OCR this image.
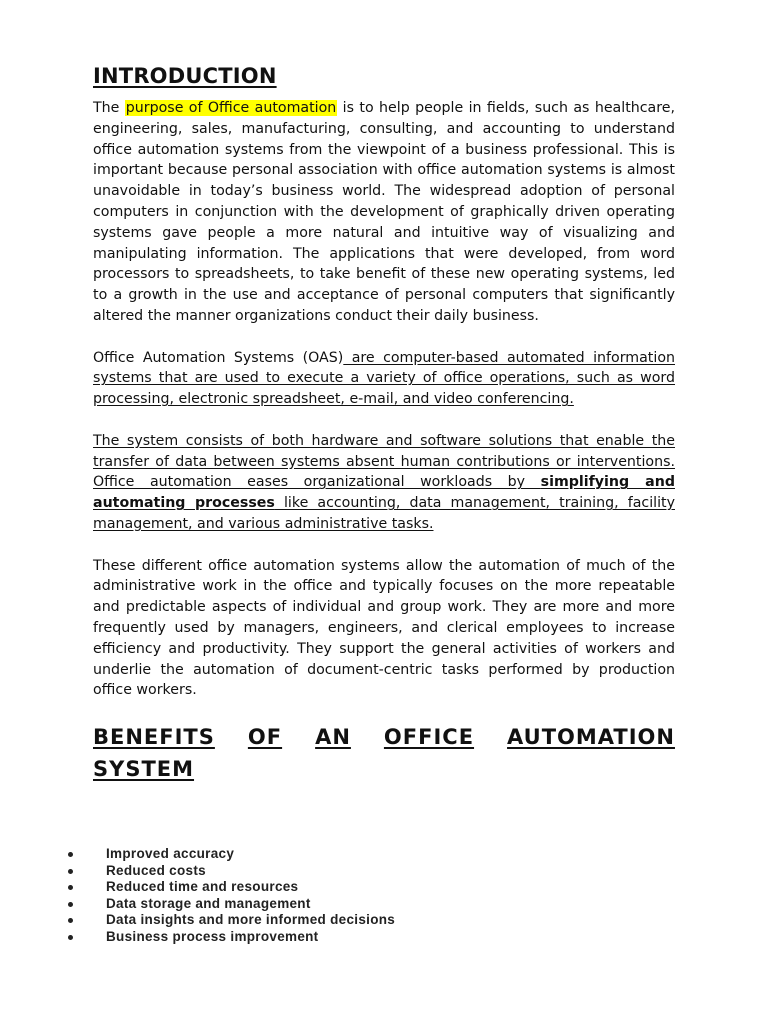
INTRODUCTION

The purpose of Office automation is to help people in fields, such as healthcare, engineering, sales, manufacturing, consulting, and accounting to understand office automation systems from the viewpoint of a business professional. This is important because personal association with office automation systems is almost unavoidable in today’s business world. The widespread adoption of personal computers in conjunction with the development of graphically driven operating systems gave people a more natural and intuitive way of visualizing and manipulating information. The applications that were developed, from word processors to spreadsheets, to take benefit of these new operating systems, led to a growth in the use and acceptance of personal computers that significantly altered the manner organizations conduct their daily business.

Office Automation Systems (OAS) are computer-based automated information systems that are used to execute a variety of office operations, such as word processing, electronic spreadsheet, e-mail, and video conferencing.

The system consists of both hardware and software solutions that enable the transfer of data between systems absent human contributions or interventions. Office automation eases organizational workloads by simplifying and automating processes like accounting, data management, training, facility management, and various administrative tasks.

These different office automation systems allow the automation of much of the administrative work in the office and typically focuses on the more repeatable and predictable aspects of individual and group work. They are more and more frequently used by managers, engineers, and clerical employees to increase efficiency and productivity. They support the general activities of workers and underlie the automation of document-centric tasks performed by production office workers.

BENEFITS OF AN OFFICE AUTOMATION
SYSTEM
Improved accuracy
Reduced costs
Reduced time and resources
Data storage and management
Data insights and more informed decisions
Business process improvement
